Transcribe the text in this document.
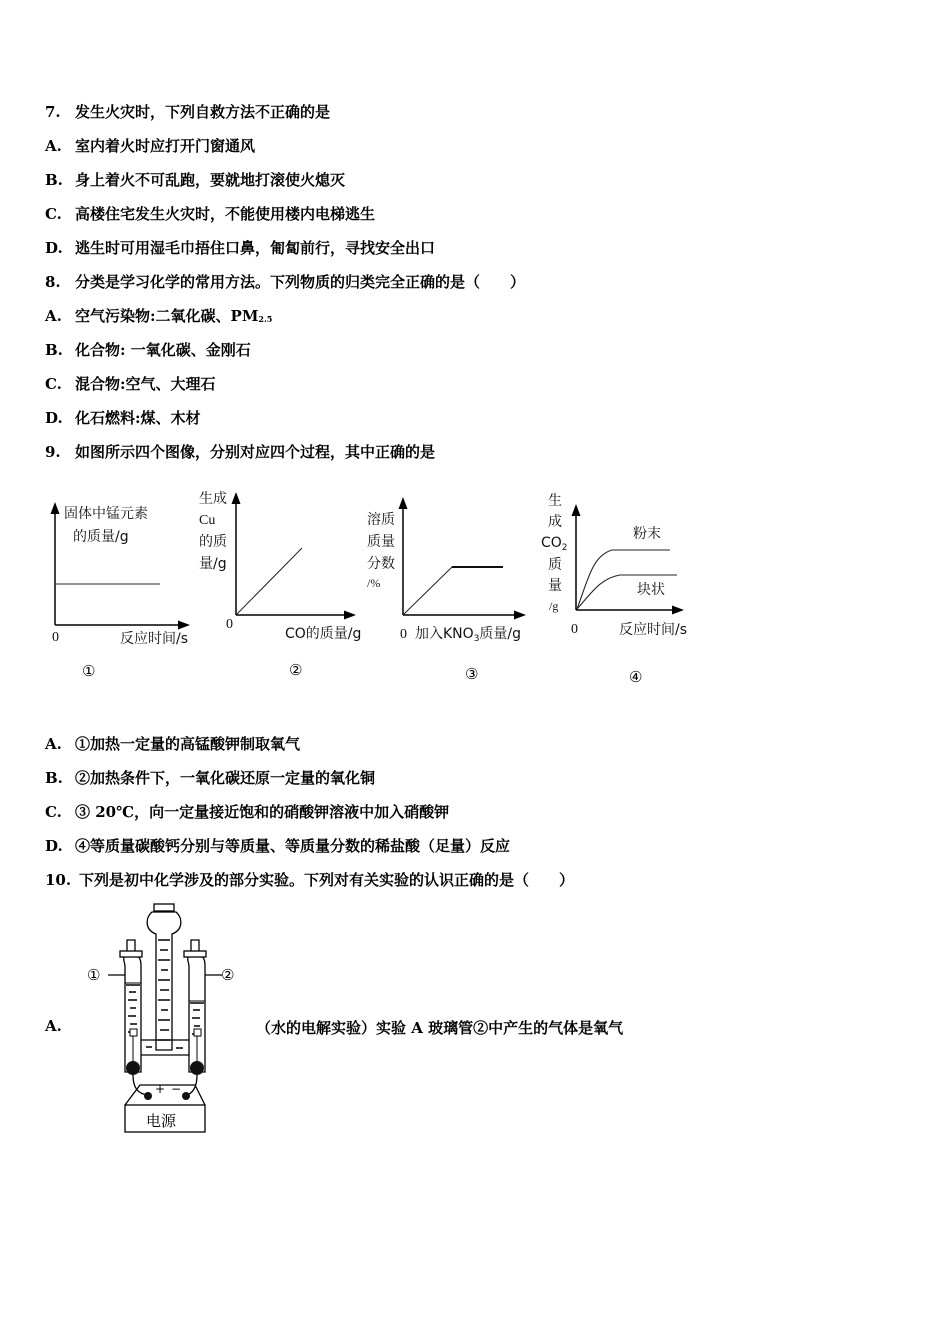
7. 发生火灾时，下列自救方法不正确的是
A. 室内着火时应打开门窗通风
B. 身上着火不可乱跑，要就地打滚使火熄灭
C. 高楼住宅发生火灾时，不能使用楼内电梯逃生
D. 逃生时可用湿毛巾捂住口鼻，匍匐前行，寻找安全出口
8. 分类是学习化学的常用方法。下列物质的归类完全正确的是（　　）
A. 空气污染物:二氧化碳、$PM_{2.5}$
B. 化合物: 一氧化碳、金刚石
C. 混合物:空气、大理石
D. 化石燃料:煤、木材
9. 如图所示四个图像，分别对应四个过程，其中正确的是
固体中锰元素
的质量/g
0	反应时间/s
生成
Cu
的质
量/g
0
CO的质量/g
溶质
质量
分数
/%
0 加入$KNO_3$质量/g
生
成
$CO_2$
质
量
/g
粉末
块状
0	反应时间/s
①	②	③	④
A. ①加热一定量的高锰酸钾制取氧气
B. ②加热条件下，一氧化碳还原一定量的氧化铜
C. ③ 20℃，向一定量接近饱和的硝酸钾溶液中加入硝酸钾
D. ④等质量碳酸钙分别与等质量、等质量分数的稀盐酸（足量）反应
10. 下列是初中化学涉及的部分实验。下列对有关实验的认识正确的是（　　）
A.
+ −
①	②
电源
（水的电解实验）实验 A 玻璃管②中产生的气体是氧气
